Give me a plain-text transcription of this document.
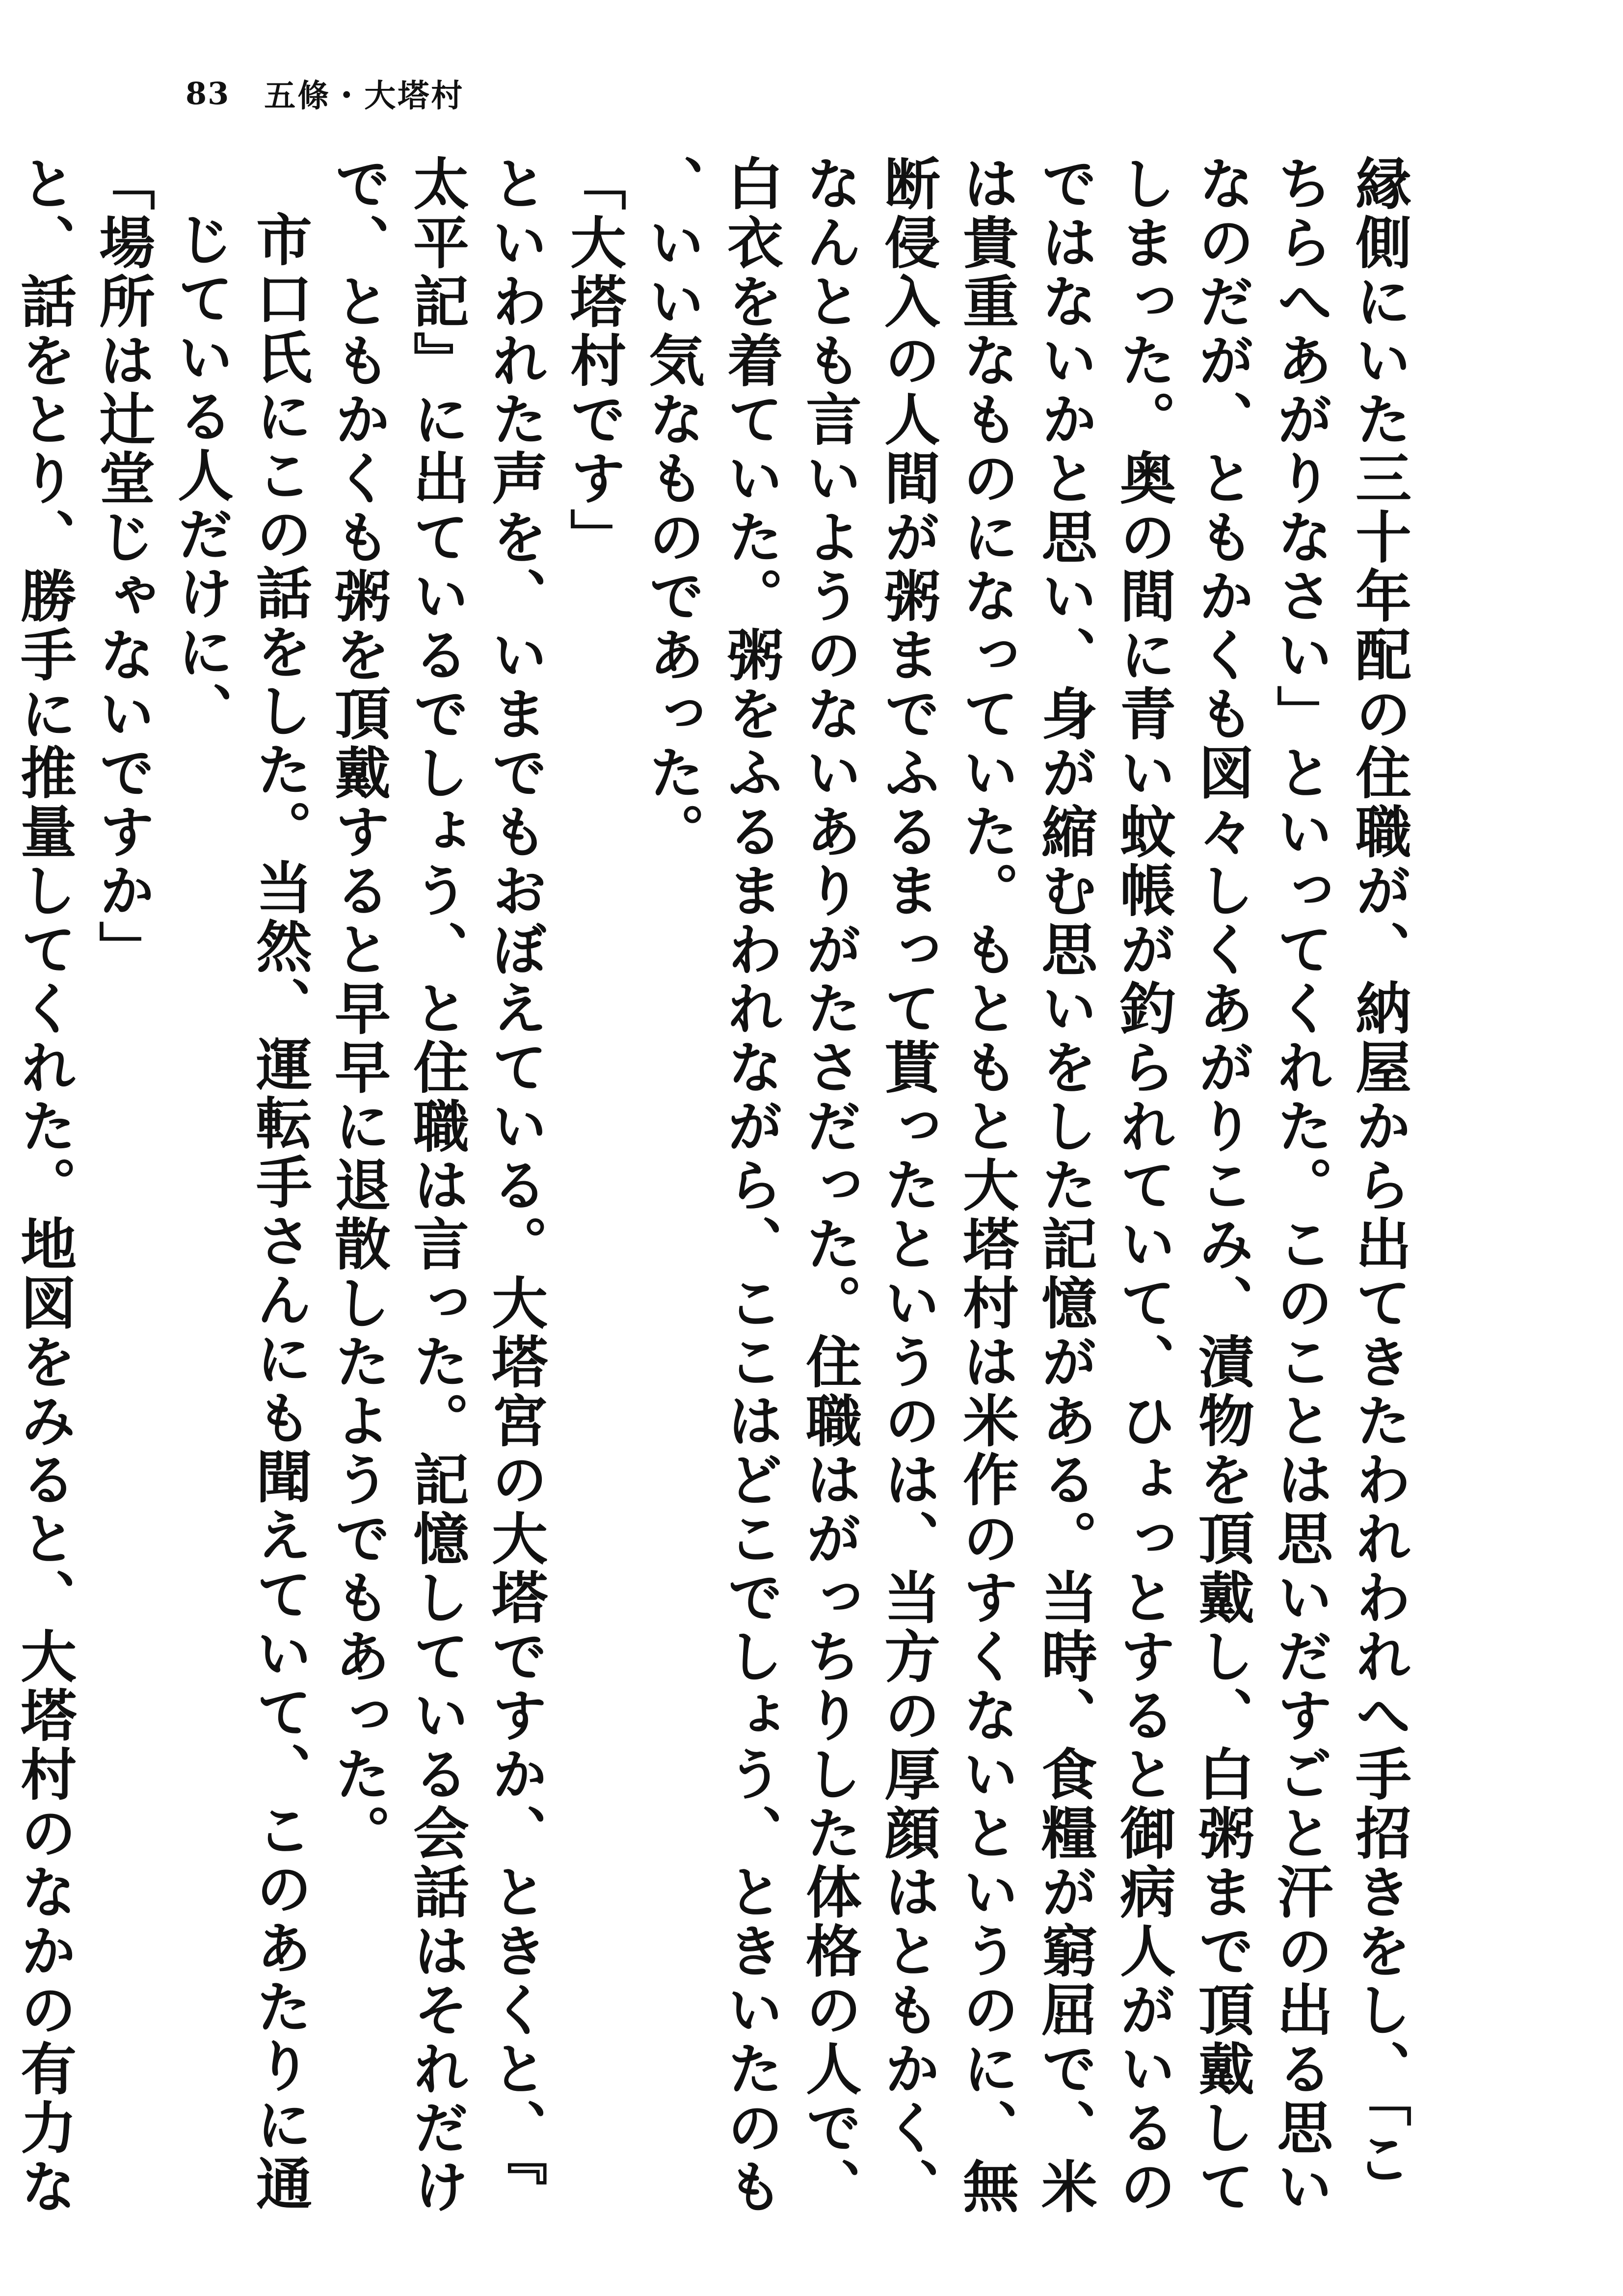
83 五條・大塔村

縁側にいた三十年配の住職が、納屋から出てきたわれわれへ手招きをし、「こちらへあがりなさい」といってくれた。このことは思いだすごと汗の出る思いなのだが、ともかくも図々しくあがりこみ、漬物を頂戴し、白粥まで頂戴してしまった。奥の間に青い蚊帳が釣られていて、ひょっとすると御病人がいるのではないかと思い、身が縮む思いをした記憶がある。当時、食糧が窮屈で、米は貴重なものになっていた。もともと大塔村は米作のすくないというのに、無断侵入の人間が粥までふるまって貰ったというのは、当方の厚顔はともかく、なんとも言いようのないありがたさだった。住職はがっちりした体格の人で、白衣を着ていた。粥をふるまわれながら、ここはどこでしょう、ときいたのも、いい気なものであった。

「大塔村です」

といわれた声を、いまでもおぼえている。大塔宮の大塔ですか、ときくと、『太平記』に出ているでしょう、と住職は言った。記憶している会話はそれだけで、ともかくも粥を頂戴すると早早に退散したようでもあった。

市口氏にこの話をした。当然、運転手さんにも聞えていて、このあたりに通じている人だけに、

「場所は辻堂じゃないですか」

と、話をとり、勝手に推量してくれた。地図をみると、大塔村のなかの有力な
